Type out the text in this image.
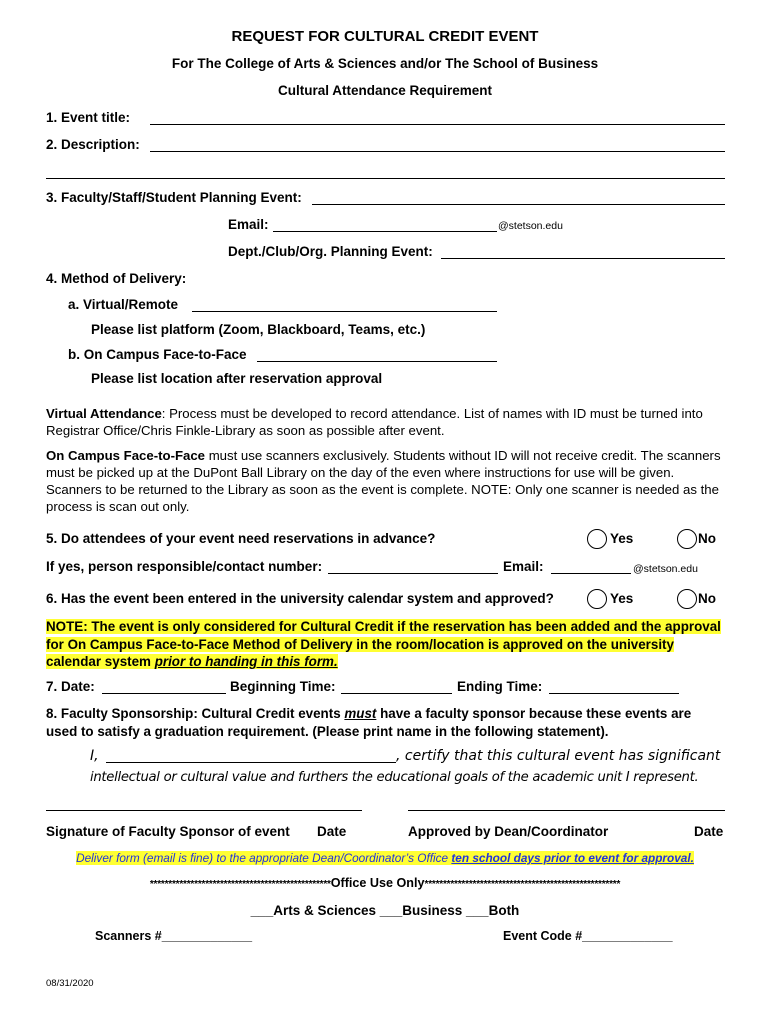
REQUEST FOR CULTURAL CREDIT EVENT
For The College of Arts & Sciences and/or The School of Business
Cultural Attendance Requirement
1. Event title:
2. Description:
3. Faculty/Staff/Student Planning Event:
Email:	@stetson.edu
Dept./Club/Org. Planning Event:
4. Method of Delivery:
a. Virtual/Remote
Please list platform (Zoom, Blackboard, Teams, etc.)
b. On Campus Face-to-Face
Please list location after reservation approval
Virtual Attendance: Process must be developed to record attendance. List of names with ID must be turned into Registrar Office/Chris Finkle-Library as soon as possible after event.
On Campus Face-to-Face must use scanners exclusively. Students without ID will not receive credit. The scanners must be picked up at the DuPont Ball Library on the day of the even where instructions for use will be given. Scanners to be returned to the Library as soon as the event is complete. NOTE: Only one scanner is needed as the process is scan out only.
5. Do attendees of your event need reservations in advance?	Yes	No
If yes, person responsible/contact number:	Email:	@stetson.edu
6. Has the event been entered in the university calendar system and approved?	Yes	No
NOTE: The event is only considered for Cultural Credit if the reservation has been added and the approval for On Campus Face-to-Face Method of Delivery in the room/location is approved on the university calendar system prior to handing in this form.
7. Date:	Beginning Time:	Ending Time:
8. Faculty Sponsorship: Cultural Credit events must have a faculty sponsor because these events are used to satisfy a graduation requirement. (Please print name in the following statement).
I,	, certify that this cultural event has significant
intellectual or cultural value and furthers the educational goals of the academic unit I represent.
Signature of Faculty Sponsor of event Date	Approved by Dean/Coordinator	Date
Deliver form (email is fine) to the appropriate Dean/Coordinator’s Office ten school days prior to event for approval.
*************************************************Office Use Only*****************************************************
___Arts & Sciences ___Business ___Both
Scanners #_____________	Event Code #_____________
08/31/2020
